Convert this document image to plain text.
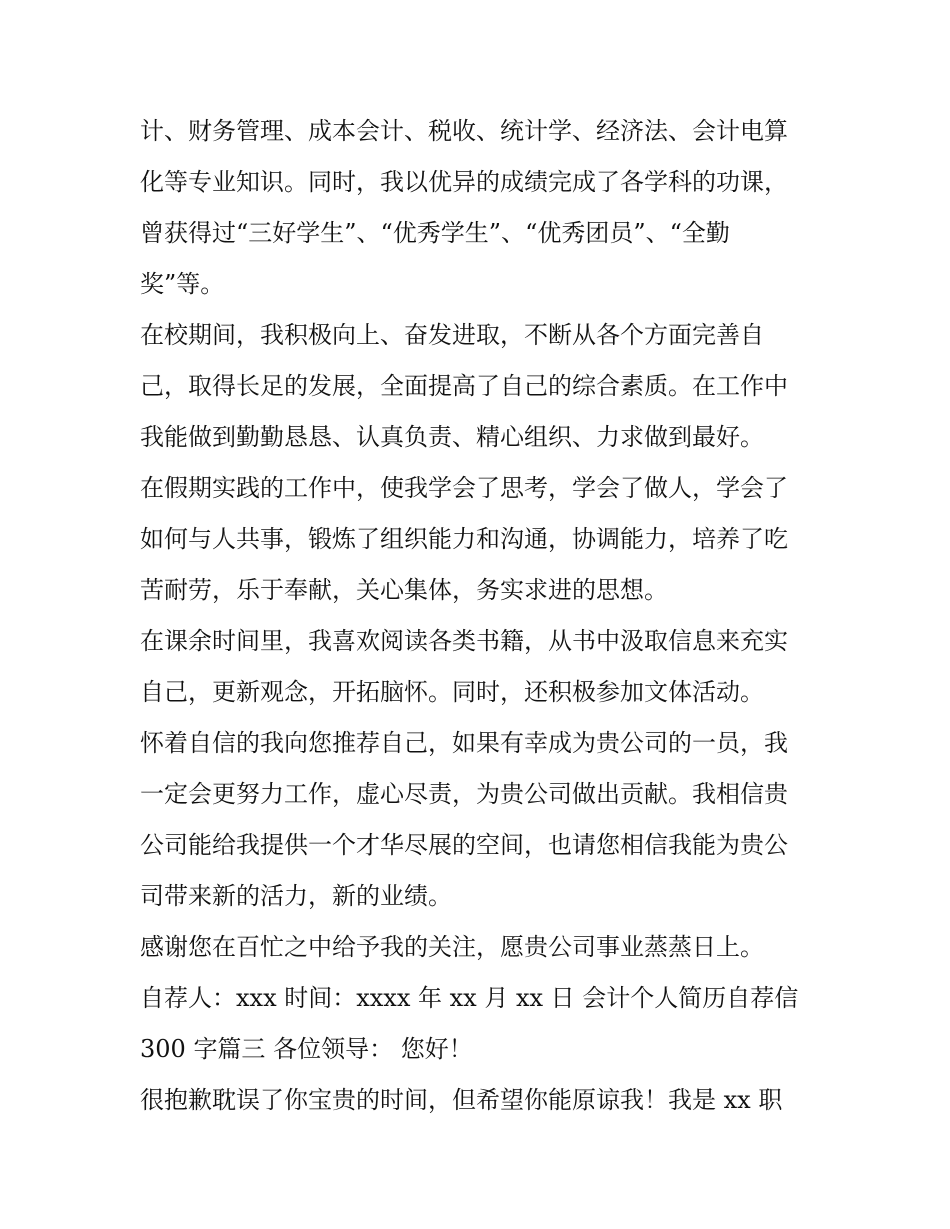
计、财务管理、成本会计、税收、统计学、经济法、会计电算
化等专业知识。同时，我以优异的成绩完成了各学科的功课，
曾获得过“三好学生”、“优秀学生”、“优秀团员”、“全勤
奖”等。
在校期间，我积极向上、奋发进取，不断从各个方面完善自
己，取得长足的发展，全面提高了自己的综合素质。在工作中
我能做到勤勤恳恳、认真负责、精心组织、力求做到最好。
在假期实践的工作中，使我学会了思考，学会了做人，学会了
如何与人共事，锻炼了组织能力和沟通，协调能力，培养了吃
苦耐劳，乐于奉献，关心集体，务实求进的思想。
在课余时间里，我喜欢阅读各类书籍，从书中汲取信息来充实
自己，更新观念，开拓脑怀。同时，还积极参加文体活动。
怀着自信的我向您推荐自己，如果有幸成为贵公司的一员，我
一定会更努力工作，虚心尽责，为贵公司做出贡献。我相信贵
公司能给我提供一个才华尽展的空间，也请您相信我能为贵公
司带来新的活力，新的业绩。
感谢您在百忙之中给予我的关注，愿贵公司事业蒸蒸日上。
自荐人：xxx 时间：xxxx 年 xx 月 xx 日 会计个人简历自荐信
300 字篇三 各位领导： 您好！
很抱歉耽误了你宝贵的时间，但希望你能原谅我！我是 xx 职
